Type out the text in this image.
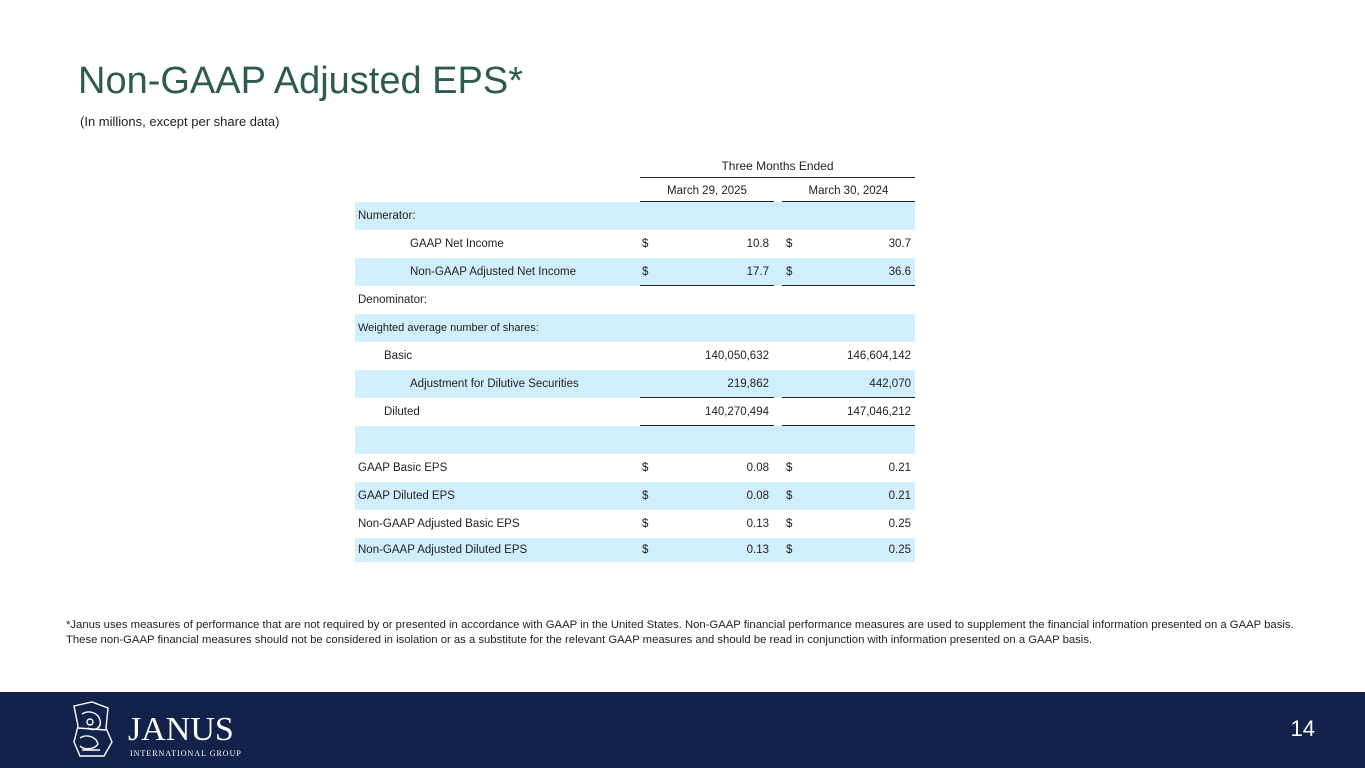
Non-GAAP Adjusted EPS*
(In millions, except per share data)
Three Months Ended
March 29, 2025	March 30, 2024
Numerator:
GAAP Net Income	$	10.8 $	30.7
Non-GAAP Adjusted Net Income	$	17.7 $	36.6
Denominator:
Weighted average number of shares:
Basic	140,050,632	146,604,142
Adjustment for Dilutive Securities	219,862	442,070
Diluted	140,270,494	147,046,212
GAAP Basic EPS	$	0.08 $	0.21
GAAP Diluted EPS	$	0.08 $	0.21
Non-GAAP Adjusted Basic EPS	$	0.13 $	0.25
Non-GAAP Adjusted Diluted EPS	$	0.13 $	0.25
*Janus uses measures of performance that are not required by or presented in accordance with GAAP in the United States. Non-GAAP financial performance measures are used to supplement the financial information presented on a GAAP basis. These non-GAAP financial measures should not be considered in isolation or as a substitute for the relevant GAAP measures and should be read in conjunction with information presented on a GAAP basis.
JANUS
INTERNATIONAL GROUP
14
